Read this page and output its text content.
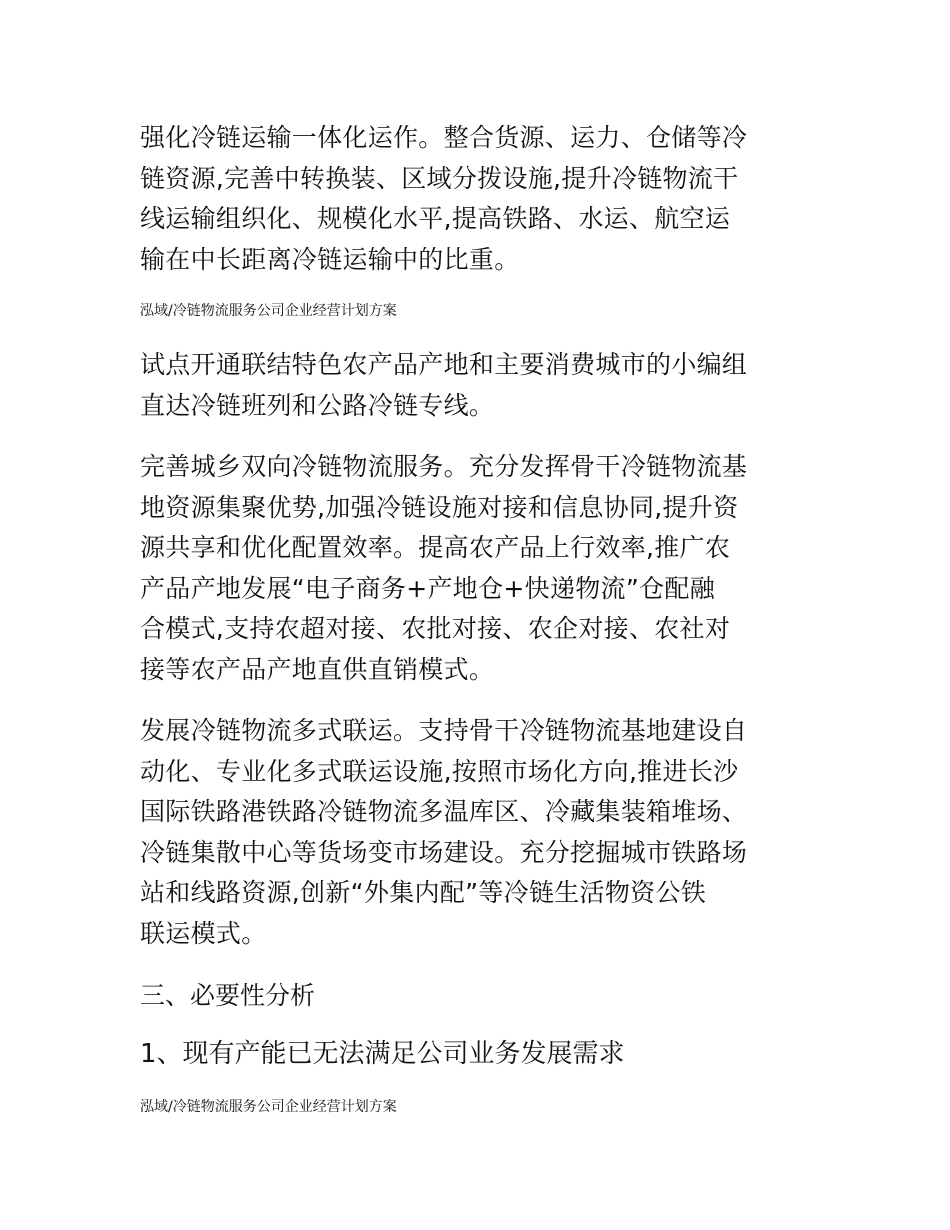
强化冷链运输一体化运作。整合货源、运力、仓储等冷
链资源,完善中转换装、区域分拨设施,提升冷链物流干
线运输组织化、规模化水平,提高铁路、水运、航空运
输在中长距离冷链运输中的比重。

泓域/冷链物流服务公司企业经营计划方案

试点开通联结特色农产品产地和主要消费城市的小编组
直达冷链班列和公路冷链专线。

完善城乡双向冷链物流服务。充分发挥骨干冷链物流基
地资源集聚优势,加强冷链设施对接和信息协同,提升资
源共享和优化配置效率。提高农产品上行效率,推广农
产品产地发展“电子商务+产地仓+快递物流”仓配融
合模式,支持农超对接、农批对接、农企对接、农社对
接等农产品产地直供直销模式。

发展冷链物流多式联运。支持骨干冷链物流基地建设自
动化、专业化多式联运设施,按照市场化方向,推进长沙
国际铁路港铁路冷链物流多温库区、冷藏集装箱堆场、
冷链集散中心等货场变市场建设。充分挖掘城市铁路场
站和线路资源,创新“外集内配”等冷链生活物资公铁
联运模式。

三、必要性分析
1、现有产能已无法满足公司业务发展需求

泓域/冷链物流服务公司企业经营计划方案
